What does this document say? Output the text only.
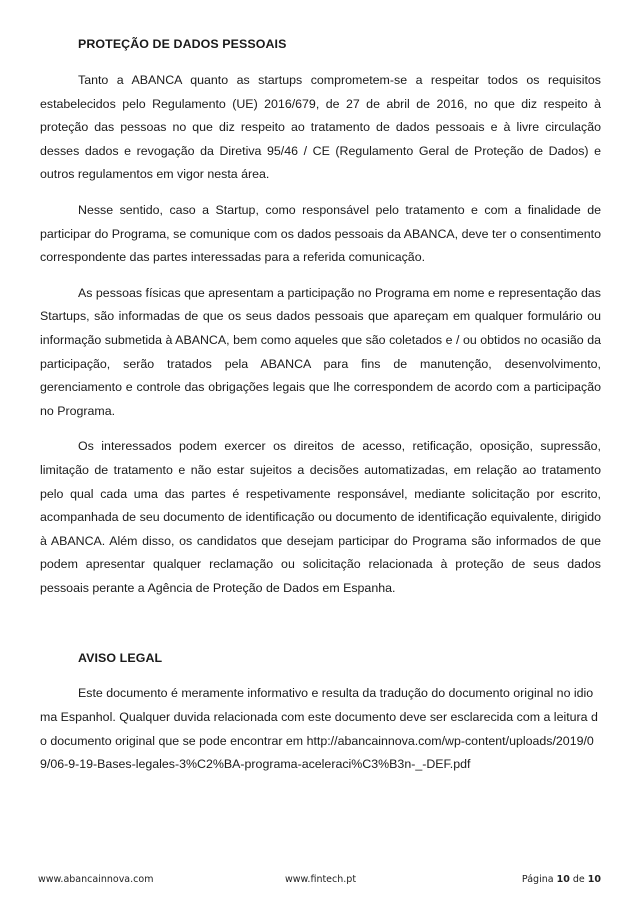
PROTEÇÃO DE DADOS PESSOAIS

Tanto a ABANCA quanto as startups comprometem-se a respeitar todos os requisitos estabelecidos pelo Regulamento (UE) 2016/679, de 27 de abril de 2016, no que diz respeito à proteção das pessoas no que diz respeito ao tratamento de dados pessoais e à livre circulação desses dados e revogação da Diretiva 95/46 / CE (Regulamento Geral de Proteção de Dados) e outros regulamentos em vigor nesta área.

Nesse sentido, caso a Startup, como responsável pelo tratamento e com a finalidade de participar do Programa, se comunique com os dados pessoais da ABANCA, deve ter o consentimento correspondente das partes interessadas para a referida comunicação.

As pessoas físicas que apresentam a participação no Programa em nome e representação das Startups, são informadas de que os seus dados pessoais que apareçam em qualquer formulário ou informação submetida à ABANCA, bem como aqueles que são coletados e / ou obtidos no ocasião da participação, serão tratados pela ABANCA para fins de manutenção, desenvolvimento, gerenciamento e controle das obrigações legais que lhe correspondem de acordo com a participação no Programa.

Os interessados podem exercer os direitos de acesso, retificação, oposição, supressão, limitação de tratamento e não estar sujeitos a decisões automatizadas, em relação ao tratamento pelo qual cada uma das partes é respetivamente responsável, mediante solicitação por escrito, acompanhada de seu documento de identificação ou documento de identificação equivalente, dirigido à ABANCA. Além disso, os candidatos que desejam participar do Programa são informados de que podem apresentar qualquer reclamação ou solicitação relacionada à proteção de seus dados pessoais perante a Agência de Proteção de Dados em Espanha.

AVISO LEGAL

Este documento é meramente informativo e resulta da tradução do documento original no idioma Espanhol. Qualquer duvida relacionada com este documento deve ser esclarecida com a leitura do documento original que se pode encontrar em http://abancainnova.com/wp-content/uploads/2019/09/06-9-19-Bases-legales-3%C2%BA-programa-aceleraci%C3%B3n-_-DEF.pdf

www.abancainnova.com	www.fintech.pt	Página 10 de 10
